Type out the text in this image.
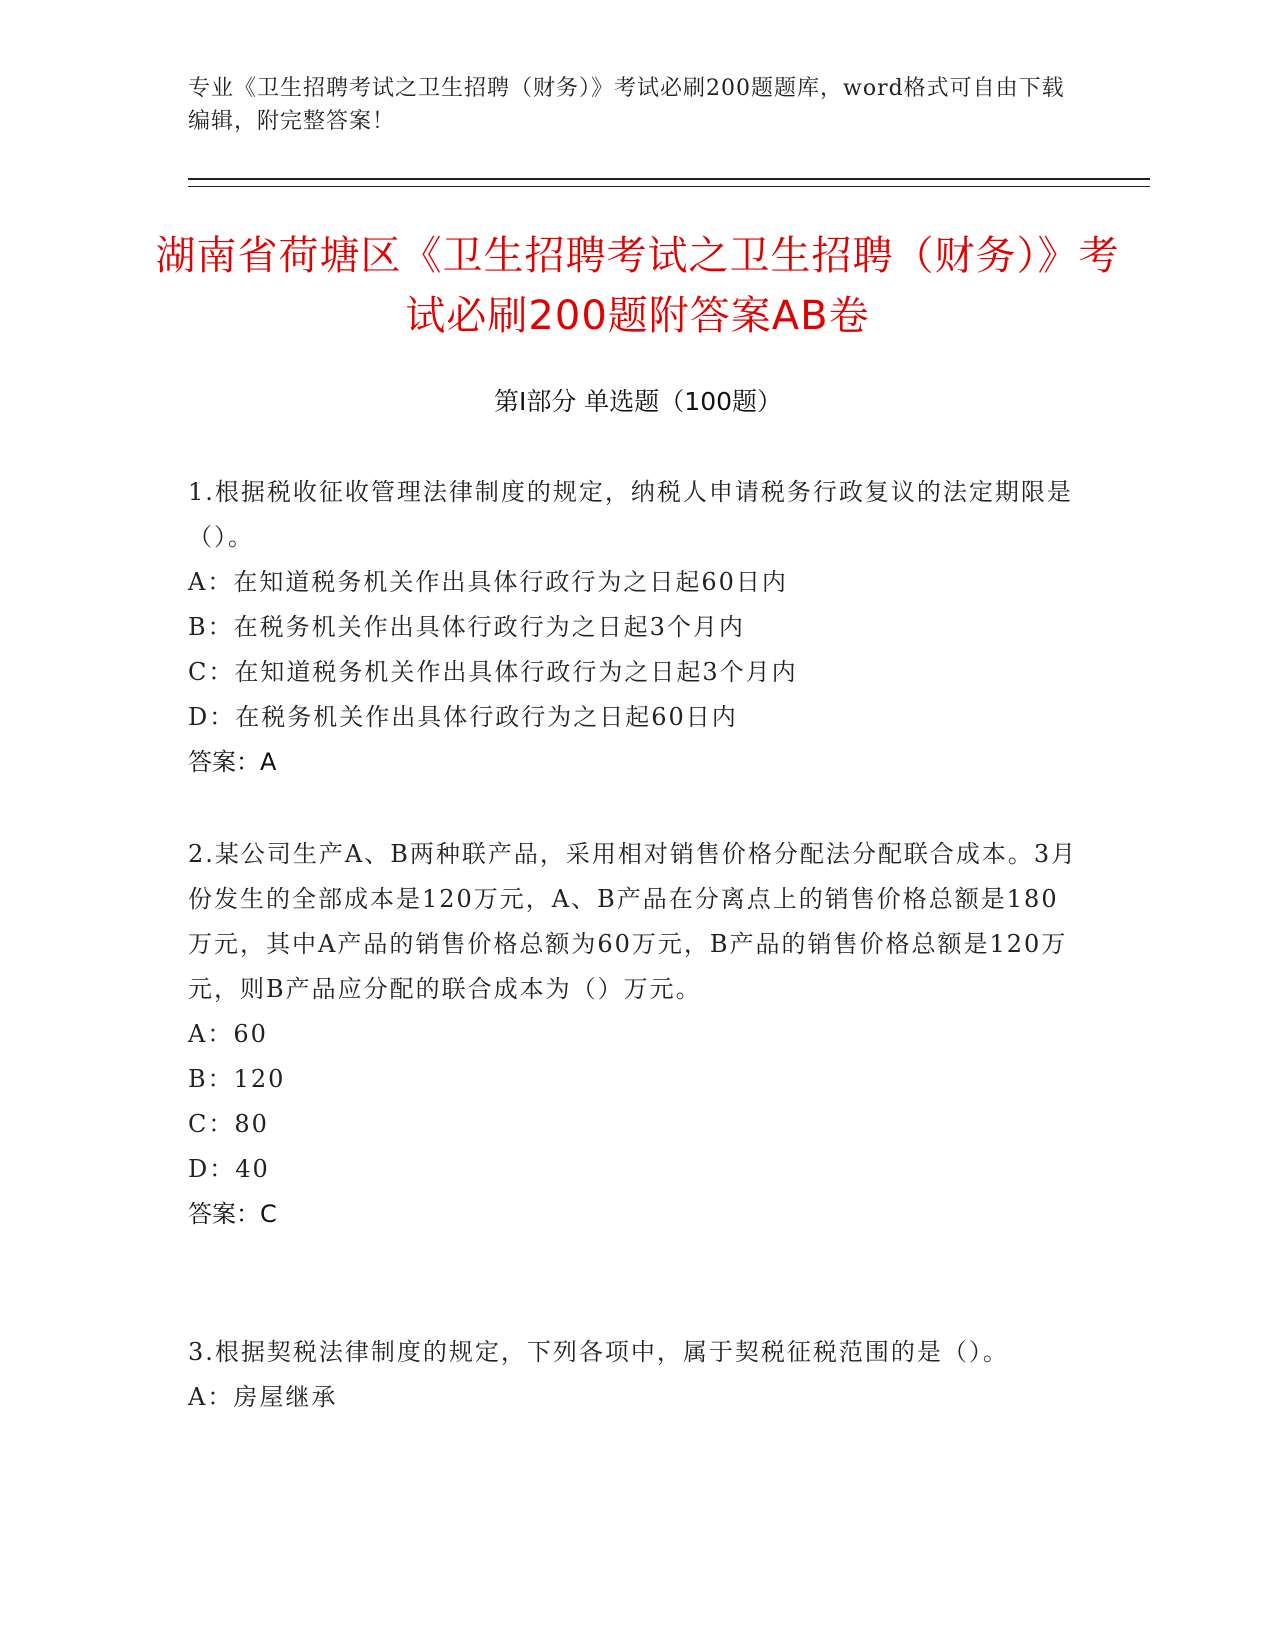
专业《卫生招聘考试之卫生招聘（财务）》考试必刷200题题库，word格式可自由下载编辑，附完整答案！
湖南省荷塘区《卫生招聘考试之卫生招聘（财务）》考试必刷200题附答案AB卷
第I部分 单选题（100题）

1.根据税收征收管理法律制度的规定，纳税人申请税务行政复议的法定期限是（）。

A：在知道税务机关作出具体行政行为之日起60日内

B：在税务机关作出具体行政行为之日起3个月内

C：在知道税务机关作出具体行政行为之日起3个月内

D：在税务机关作出具体行政行为之日起60日内

答案：A

2.某公司生产A、B两种联产品，采用相对销售价格分配法分配联合成本。3月份发生的全部成本是120万元，A、B产品在分离点上的销售价格总额是180万元，其中A产品的销售价格总额为60万元，B产品的销售价格总额是120万元，则B产品应分配的联合成本为（）万元。

A：60

B：120

C：80

D：40

答案：C

3.根据契税法律制度的规定，下列各项中，属于契税征税范围的是（）。

A：房屋继承
